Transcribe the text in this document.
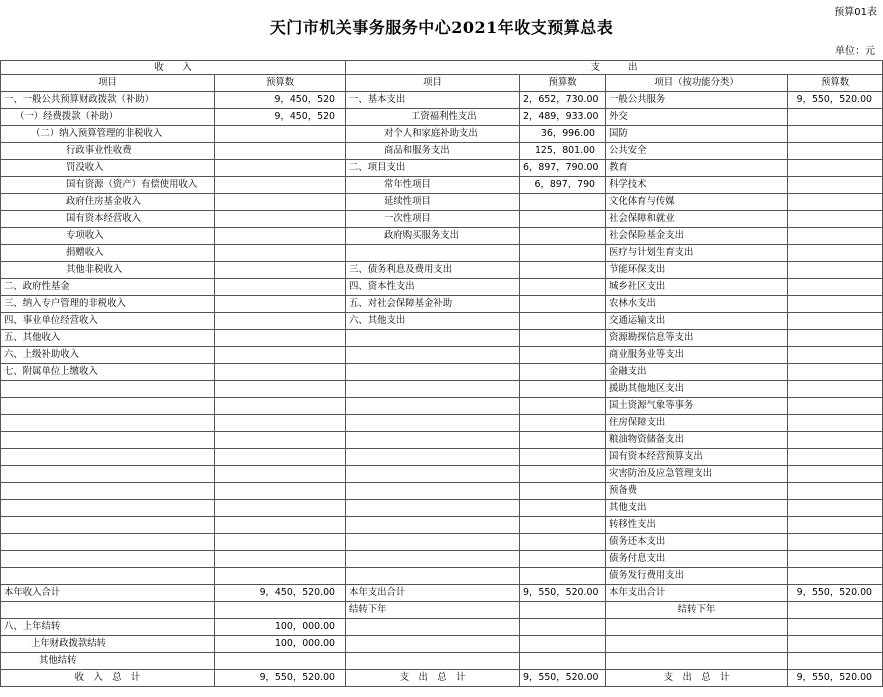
预算01表
天门市机关事务服务中心2021年收支预算总表
单位：元
收　　入		支　　　出			
项目	预算数	项目	预算数	项目（按功能分类）	预算数
一、一般公共预算财政拨款（补助）	9，450，520	一、基本支出	2，652，730.00	一般公共服务	9，550，520.00
（一）经费拨款（补助）	9，450，520	工资福利性支出	2，489，933.00	外交	
（二）纳入预算管理的非税收入		对个人和家庭补助支出	36，996.00	国防	
行政事业性收费		商品和服务支出	125，801.00	公共安全	
罚没收入		二、项目支出	6，897，790.00	教育	
国有资源（资产）有偿使用收入		常年性项目	6，897，790	科学技术	
政府住房基金收入		延续性项目		文化体育与传媒	
国有资本经营收入		一次性项目		社会保障和就业	
专项收入		政府购买服务支出		社会保险基金支出	
捐赠收入				医疗与计划生育支出	
其他非税收入		三、债务利息及费用支出		节能环保支出	
二、政府性基金		四、资本性支出		城乡社区支出	
三、纳入专户管理的非税收入		五、对社会保障基金补助		农林水支出	
四、事业单位经营收入		六、其他支出		交通运输支出	
五、其他收入				资源勘探信息等支出	
六、上级补助收入				商业服务业等支出	
七、附属单位上缴收入				金融支出	
				援助其他地区支出	
				国土资源气象等事务	
				住房保障支出	
				粮油物资储备支出	
				国有资本经营预算支出	
				灾害防治及应急管理支出	
				预备费	
				其他支出	
				转移性支出	
				债务还本支出	
				债务付息支出	
				债务发行费用支出	
本年收入合计	9，450，520.00	本年支出合计	9，550，520.00	本年支出合计	9，550，520.00
		结转下年		结转下年	
八、上年结转	100，000.00				
上年财政拨款结转	100，000.00				
其他结转					
收　入　总　计	9，550，520.00	支　出　总　计	9，550，520.00	支　出　总　计	9，550，520.00
